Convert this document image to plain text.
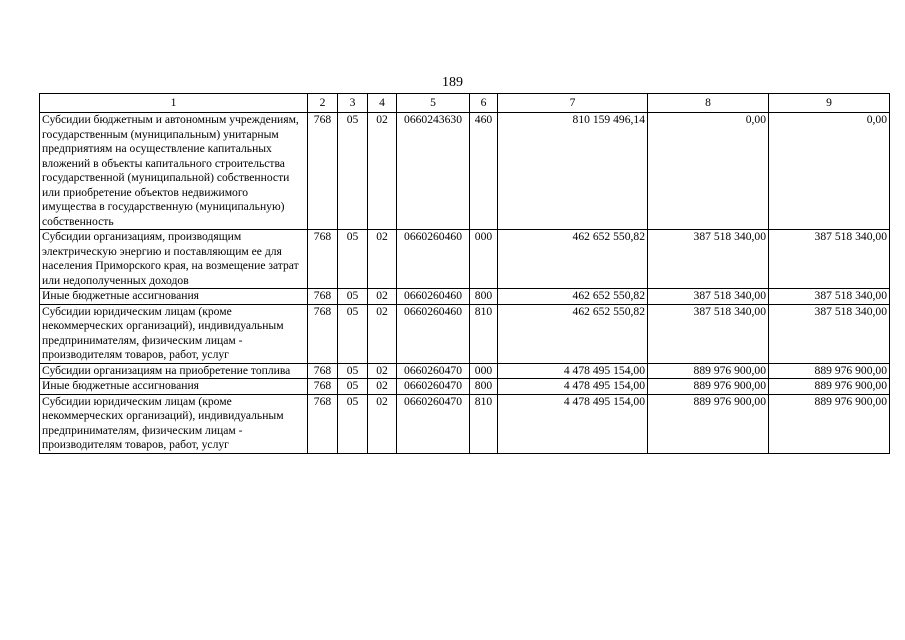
189
1	2	3	4	5	6	7	8	9
Субсидии бюджетным и автономным учреждениям, государственным (муниципальным) унитарным предприятиям на осуществление капитальных вложений в объекты капитального строительства государственной (муниципальной) собственности или приобретение объектов недвижимого имущества в государственную (муниципальную) собственность	768	05	02	0660243630	460	810 159 496,14	0,00	0,00
Субсидии организациям, производящим электрическую энергию и поставляющим ее для населения Приморского края, на возмещение затрат или недополученных доходов	768	05	02	0660260460	000	462 652 550,82	387 518 340,00	387 518 340,00
Иные бюджетные ассигнования	768	05	02	0660260460	800	462 652 550,82	387 518 340,00	387 518 340,00
Субсидии юридическим лицам (кроме некоммерческих организаций), индивидуальным предпринимателям, физическим лицам - производителям товаров, работ, услуг	768	05	02	0660260460	810	462 652 550,82	387 518 340,00	387 518 340,00
Субсидии организациям на приобретение топлива	768	05	02	0660260470	000	4 478 495 154,00	889 976 900,00	889 976 900,00
Иные бюджетные ассигнования	768	05	02	0660260470	800	4 478 495 154,00	889 976 900,00	889 976 900,00
Субсидии юридическим лицам (кроме некоммерческих организаций), индивидуальным предпринимателям, физическим лицам - производителям товаров, работ, услуг	768	05	02	0660260470	810	4 478 495 154,00	889 976 900,00	889 976 900,00
